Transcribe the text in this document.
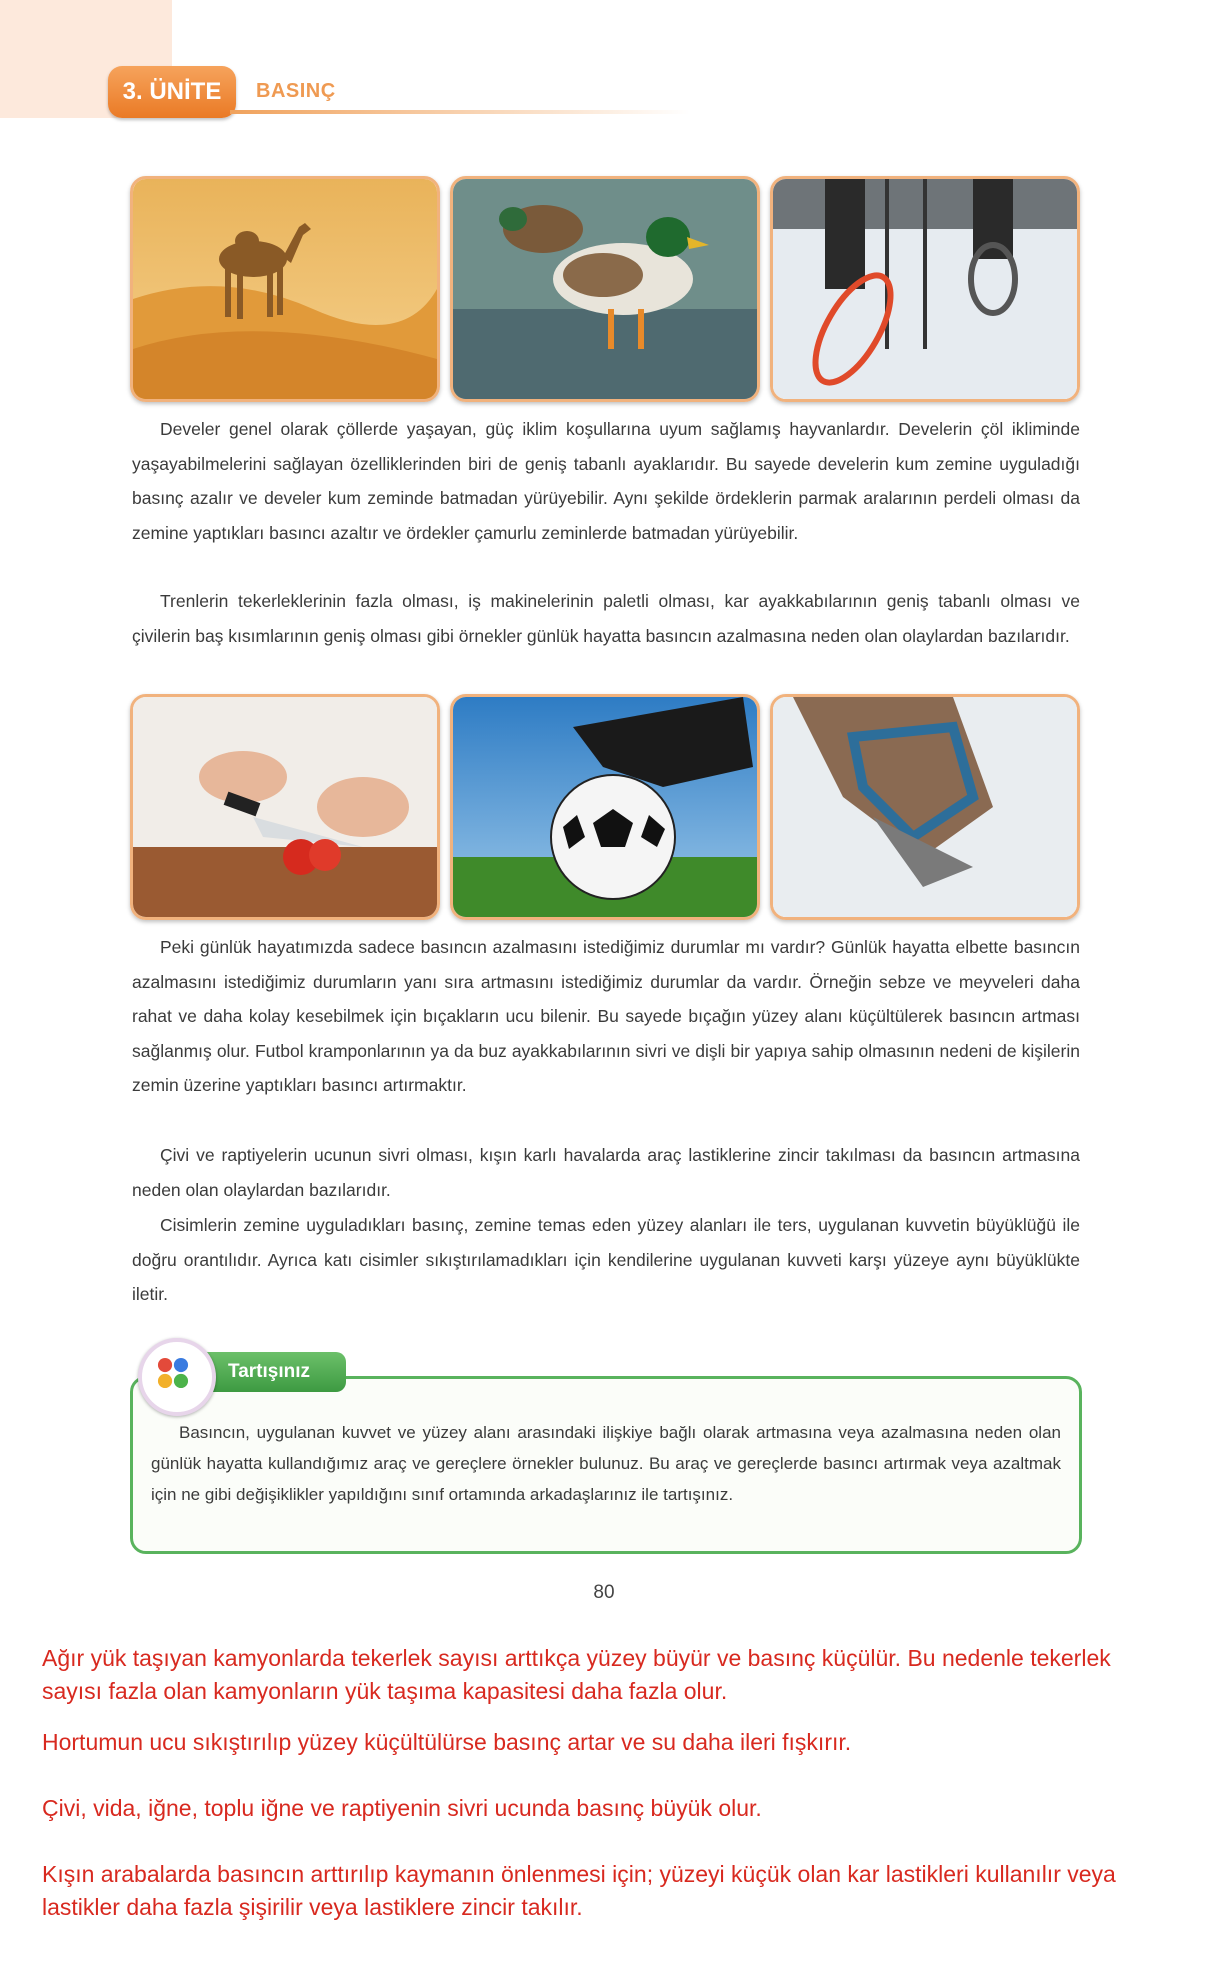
3. ÜNİTE	BASINÇ

Develer genel olarak çöllerde yaşayan, güç iklim koşullarına uyum sağlamış hayvanlardır. Develerin çöl ikliminde yaşayabilmelerini sağlayan özelliklerinden biri de geniş tabanlı ayaklarıdır. Bu sayede develerin kum zemine uyguladığı basınç azalır ve develer kum zeminde batmadan yürüyebilir. Aynı şekilde ördeklerin parmak aralarının perdeli olması da zemine yaptıkları basıncı azaltır ve ördekler çamurlu zeminlerde batmadan yürüyebilir.

Trenlerin tekerleklerinin fazla olması, iş makinelerinin paletli olması, kar ayakkabılarının geniş tabanlı olması ve çivilerin baş kısımlarının geniş olması gibi örnekler günlük hayatta basıncın azalmasına neden olan olaylardan bazılarıdır.

Peki günlük hayatımızda sadece basıncın azalmasını istediğimiz durumlar mı vardır? Günlük hayatta elbette basıncın azalmasını istediğimiz durumların yanı sıra artmasını istediğimiz durumlar da vardır. Örneğin sebze ve meyveleri daha rahat ve daha kolay kesebilmek için bıçakların ucu bilenir. Bu sayede bıçağın yüzey alanı küçültülerek basıncın artması sağlanmış olur. Futbol kramponlarının ya da buz ayakkabılarının sivri ve dişli bir yapıya sahip olmasının nedeni de kişilerin zemin üzerine yaptıkları basıncı artırmaktır.

Çivi ve raptiyelerin ucunun sivri olması, kışın karlı havalarda araç lastiklerine zincir takılması da basıncın artmasına neden olan olaylardan bazılarıdır.

Cisimlerin zemine uyguladıkları basınç, zemine temas eden yüzey alanları ile ters, uygulanan kuvvetin büyüklüğü ile doğru orantılıdır. Ayrıca katı cisimler sıkıştırılamadıkları için kendilerine uygulanan kuvveti karşı yüzeye aynı büyüklükte iletir.

Basıncın, uygulanan kuvvet ve yüzey alanı arasındaki ilişkiye bağlı olarak artmasına veya azalmasına neden olan günlük hayatta kullandığımız araç ve gereçlere örnekler bulunuz. Bu araç ve gereçlerde basıncı artırmak veya azaltmak için ne gibi değişiklikler yapıldığını sınıf ortamında arkadaşlarınız ile tartışınız.

Tartışınız
80

Ağır yük taşıyan kamyonlarda tekerlek sayısı arttıkça yüzey büyür ve basınç küçülür. Bu nedenle tekerlek sayısı fazla olan kamyonların yük taşıma kapasitesi daha fazla olur.

Hortumun ucu sıkıştırılıp yüzey küçültülürse basınç artar ve su daha ileri fışkırır.

Çivi, vida, iğne, toplu iğne ve raptiyenin sivri ucunda basınç büyük olur.

Kışın arabalarda basıncın arttırılıp kaymanın önlenmesi için; yüzeyi küçük olan kar lastikleri kullanılır veya lastikler daha fazla şişirilir veya lastiklere zincir takılır.
